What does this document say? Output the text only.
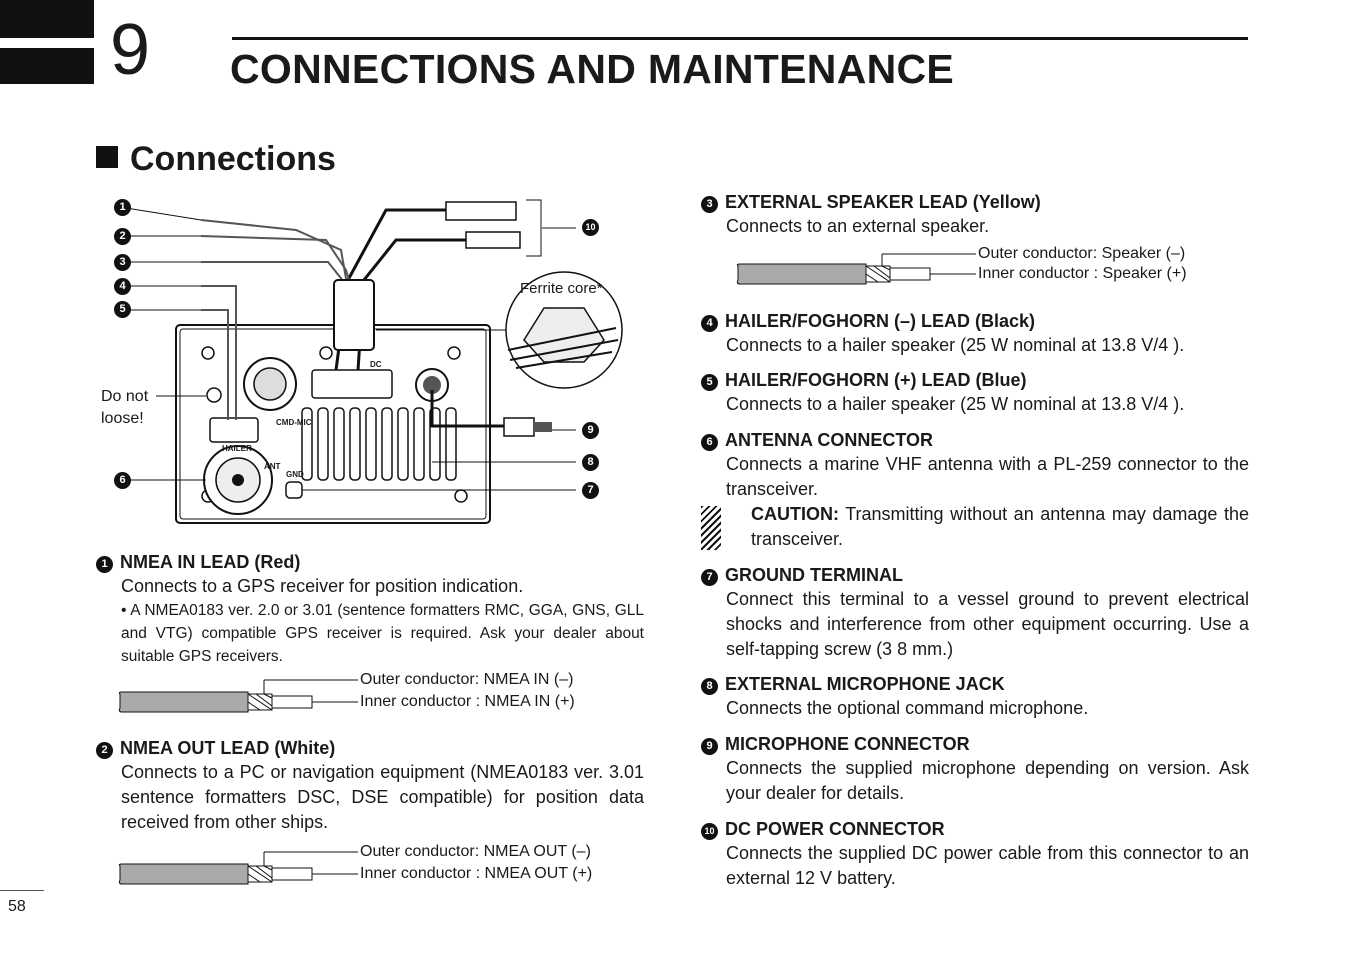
9 CONNECTIONS AND MAINTENANCE
Connections
Ferrite core*
Do not
loose!
HAILER
ANT
GND
CMD-MIC
DC
1
2
3
4
5
6
7
8
9
10
1 NMEA IN LEAD (Red)
Connects to a GPS receiver for position indication.
• A NMEA0183 ver. 2.0 or 3.01 (sentence formatters RMC, GGA, GNS, GLL and VTG) compatible GPS receiver is required. Ask your dealer about suitable GPS receivers.
Outer conductor: NMEA IN (–)
Inner conductor : NMEA IN (+)
2 NMEA OUT LEAD (White)
Connects to a PC or navigation equipment (NMEA0183 ver. 3.01 sentence formatters DSC, DSE compatible) for position data received from other ships.
Outer conductor: NMEA OUT (–)
Inner conductor : NMEA OUT (+)
58
3 EXTERNAL SPEAKER LEAD (Yellow)
Connects to an external speaker.
Outer conductor: Speaker (–)
Inner conductor : Speaker (+)
4 HAILER/FOGHORN (–) LEAD (Black)
Connects to a hailer speaker (25 W nominal at 13.8 V/4 ).
5 HAILER/FOGHORN (+) LEAD (Blue)
Connects to a hailer speaker (25 W nominal at 13.8 V/4 ).
6 ANTENNA CONNECTOR
Connects a marine VHF antenna with a PL-259 connector to the transceiver.
CAUTION: Transmitting without an antenna may damage the transceiver.
7 GROUND TERMINAL
Connect this terminal to a vessel ground to prevent electrical shocks and interference from other equipment occurring. Use a self-tapping screw (3 8 mm.)
8 EXTERNAL MICROPHONE JACK
Connects the optional command microphone.
9 MICROPHONE CONNECTOR
Connects the supplied microphone depending on version. Ask your dealer for details.
10 DC POWER CONNECTOR
Connects the supplied DC power cable from this connector to an external 12 V battery.
